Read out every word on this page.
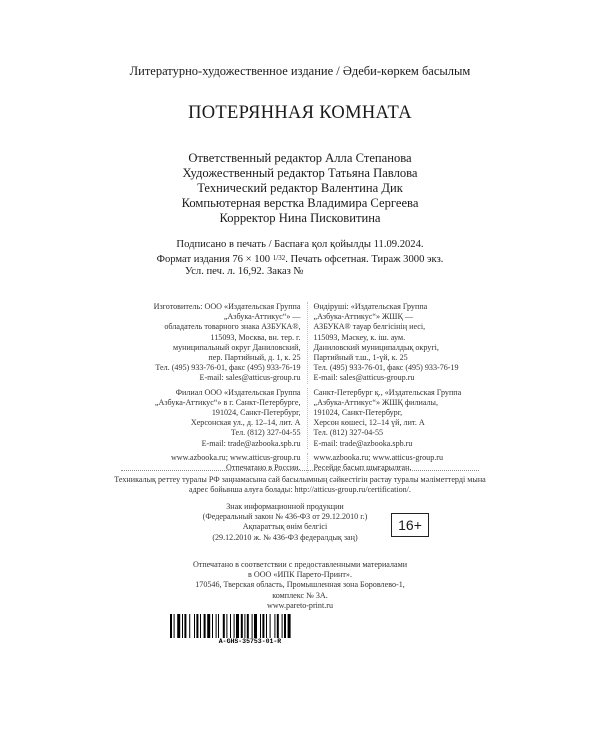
Литературно-художественное издание / Әдеби-көркем басылым
ПОТЕРЯННАЯ КОМНАТА
Ответственный редактор Алла Степанова
Художественный редактор Татьяна Павлова
Технический редактор Валентина Дик
Компьютерная верстка Владимира Сергеева
Корректор Нина Писковитина
Подписано в печать / Баспаға қол қойылды 11.09.2024.
Формат издания 76 × 100 1/32. Печать офсетная. Тираж 3000 экз.
Усл. печ. л. 16,92. Заказ №
Изготовитель: ООО «Издательская Группа
„Азбука-Аттикус“» —
обладатель товарного знака АЗБУКА®,
115093, Москва, вн. тер. г.
муниципальный округ Даниловский,
пер. Партийный, д. 1, к. 25
Тел. (495) 933-76-01, факс (495) 933-76-19
E-mail: sales@atticus-group.ru
Өндіруші: «Издательская Группа
„Азбука-Аттикус“» ЖШҚ —
АЗБУКА® тауар белгісінің иесі,
115093, Мәскеу, к. іш. аум.
Даниловский муниципалдық округі,
Партийный т.ш., 1-үй, к. 25
Тел. (495) 933-76-01, факс (495) 933-76-19
E-mail: sales@atticus-group.ru
Филиал ООО «Издательская Группа
„Азбука-Аттикус“» в г. Санкт-Петербурге,
191024, Санкт-Петербург,
Херсонская ул., д. 12–14, лит. А
Тел. (812) 327-04-55
E-mail: trade@azbooka.spb.ru
Санкт-Петербург қ., «Издательская Группа
„Азбука-Аттикус“» ЖШҚ филиалы,
191024, Санкт-Петербург,
Херсон көшесі, 12–14 үй, лит. А
Тел. (812) 327-04-55
E-mail: trade@azbooka.spb.ru
www.azbooka.ru; www.atticus-group.ru
Отпечатано в России.
www.azbooka.ru; www.atticus-group.ru
Ресейде басып шығарылған.
Техникалық реттеу туралы РФ заңнамасына сай басылымның сәйкестігін растау туралы мәліметтерді мына адрес бойынша алуға болады: http://atticus-group.ru/certification/.
Знак информационной продукции
(Федеральный закон № 436-ФЗ от 29.12.2010 г.)
Ақпараттық өнім белгісі
(29.12.2010 ж. № 436-ФЗ федералдық заң)
16+
Отпечатано в соответствии с предоставленными материалами
в ООО «ИПК Парето-Принт».
170546, Тверская область, Промышленная зона Боровлево-1,
комплекс № 3А.
www.pareto-print.ru
A-GHS-35753-01-R
